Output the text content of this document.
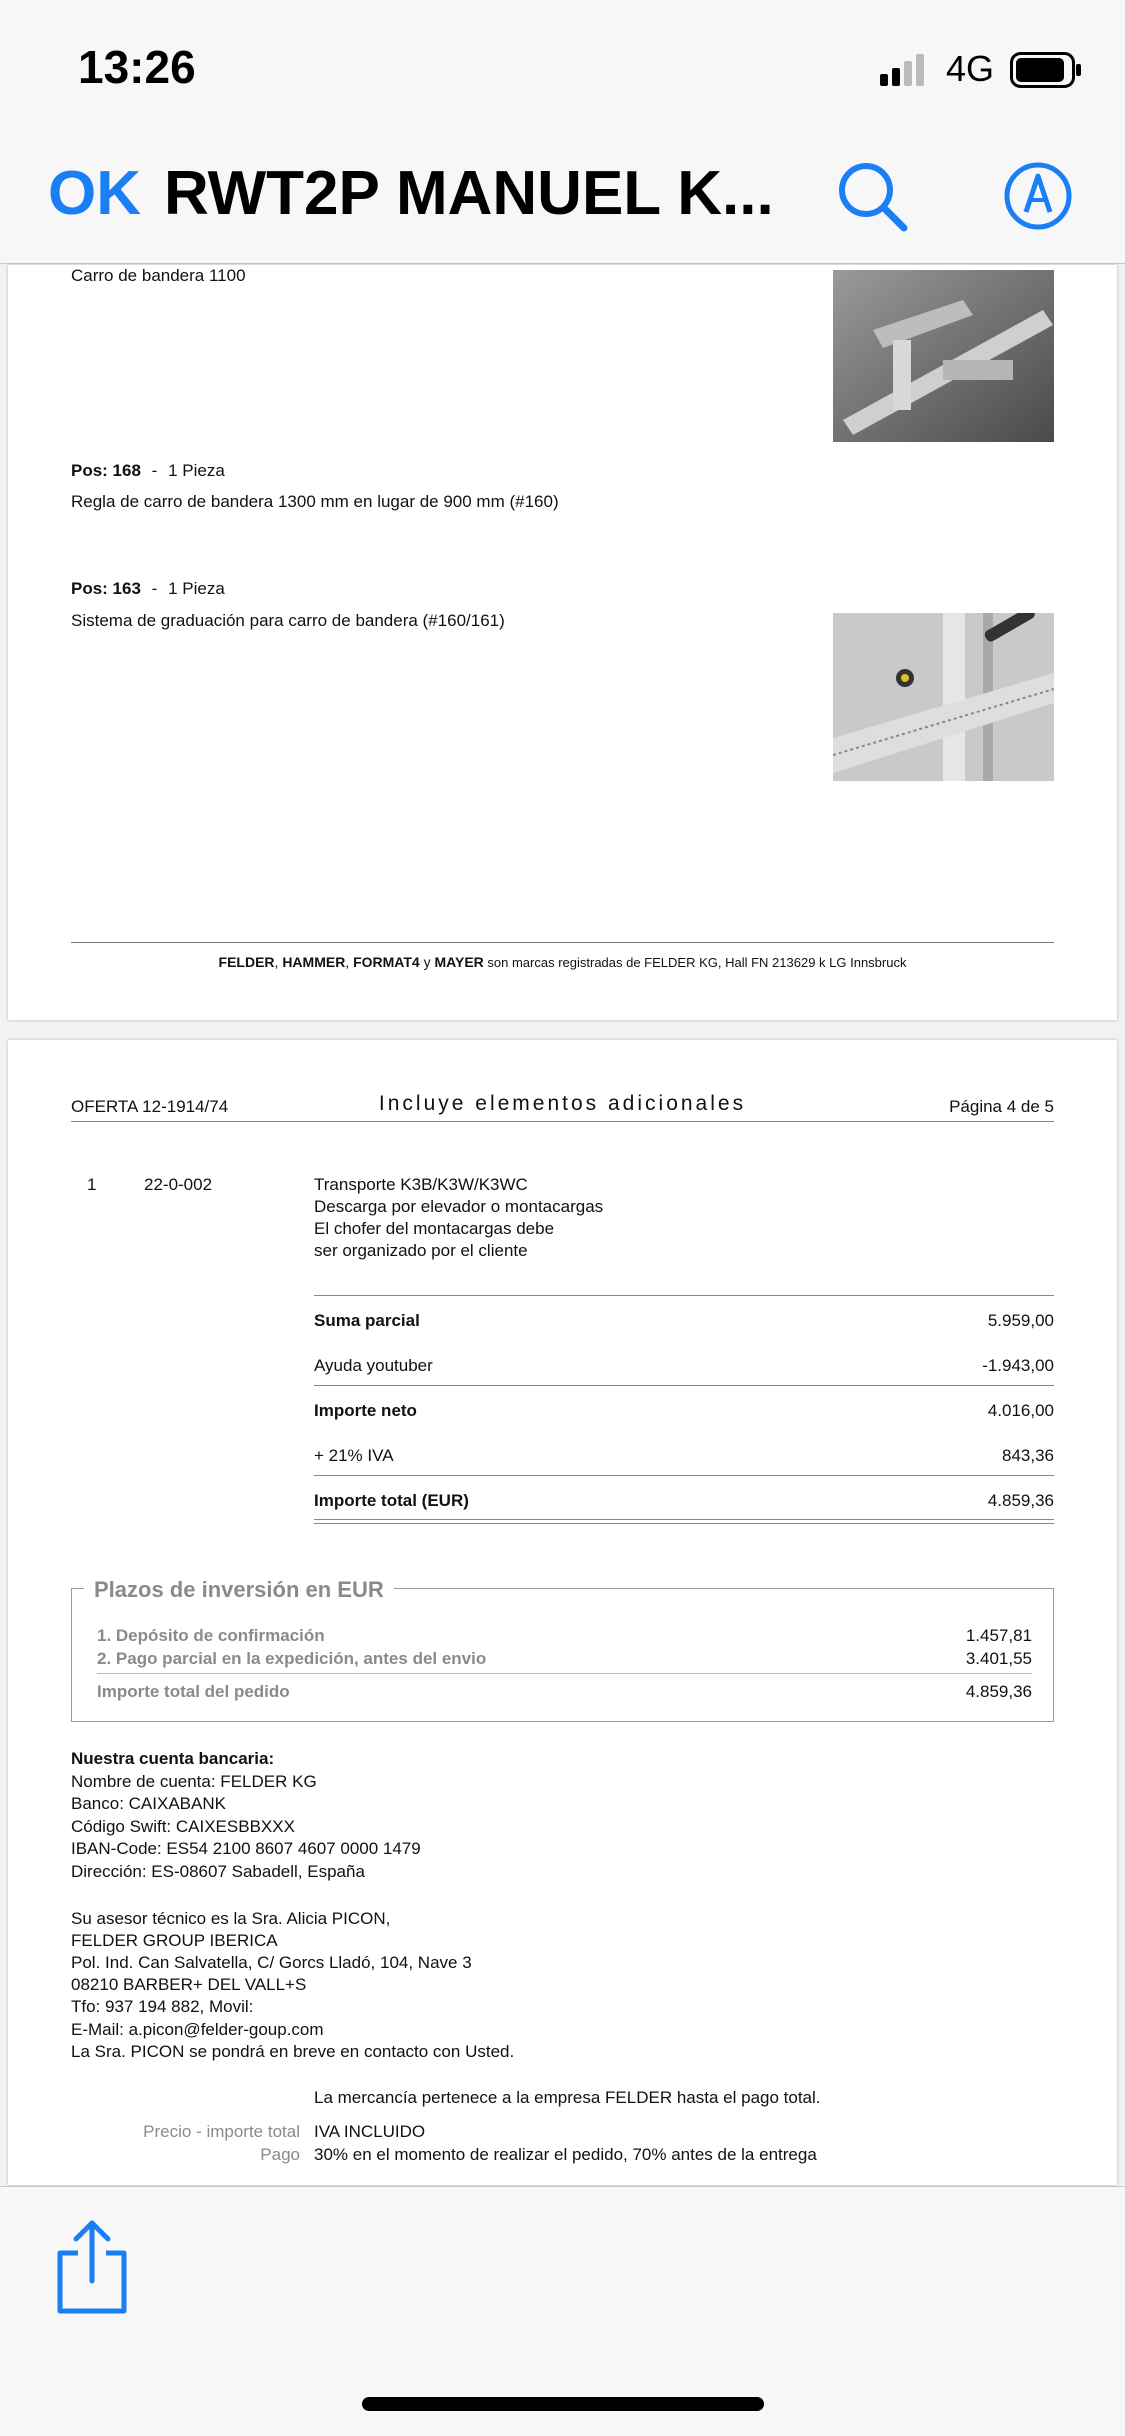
13:26	4G
OK RWT2P MANUEL K...
Carro de bandera 1100
Pos: 168 - 1 Pieza
Regla de carro de bandera 1300 mm en lugar de 900 mm (#160)
Pos: 163 - 1 Pieza
Sistema de graduación para carro de bandera (#160/161)
FELDER, HAMMER, FORMAT4 y MAYER son marcas registradas de FELDER KG, Hall FN 213629 k LG Innsbruck
OFERTA 12-1914/74	Incluye elementos adicionales	Página 4 de 5
1	22-0-002	Transporte K3B/K3W/K3WC
Descarga por elevador o montacargas
El chofer del montacargas debe
ser organizado por el cliente
Suma parcial	5.959,00
Ayuda youtuber	-1.943,00
Importe neto	4.016,00
+ 21% IVA	843,36
Importe total (EUR)	4.859,36
Plazos de inversión en EUR
1. Depósito de confirmación	1.457,81
2. Pago parcial en la expedición, antes del envio	3.401,55
Importe total del pedido	4.859,36
Nuestra cuenta bancaria:
Nombre de cuenta: FELDER KG
Banco: CAIXABANK
Código Swift: CAIXESBBXXX
IBAN-Code: ES54 2100 8607 4607 0000 1479
Dirección: ES-08607 Sabadell, España
Su asesor técnico es la Sra. Alicia PICON,
FELDER GROUP IBERICA
Pol. Ind. Can Salvatella, C/ Gorcs Lladó, 104, Nave 3
08210 BARBER+ DEL VALL+S
Tfo: 937 194 882, Movil:
E-Mail: a.picon@felder-goup.com
La Sra. PICON se pondrá en breve en contacto con Usted.
La mercancía pertenece a la empresa FELDER hasta el pago total.
Precio - importe total IVA INCLUIDO
Pago 30% en el momento de realizar el pedido, 70% antes de la entrega
